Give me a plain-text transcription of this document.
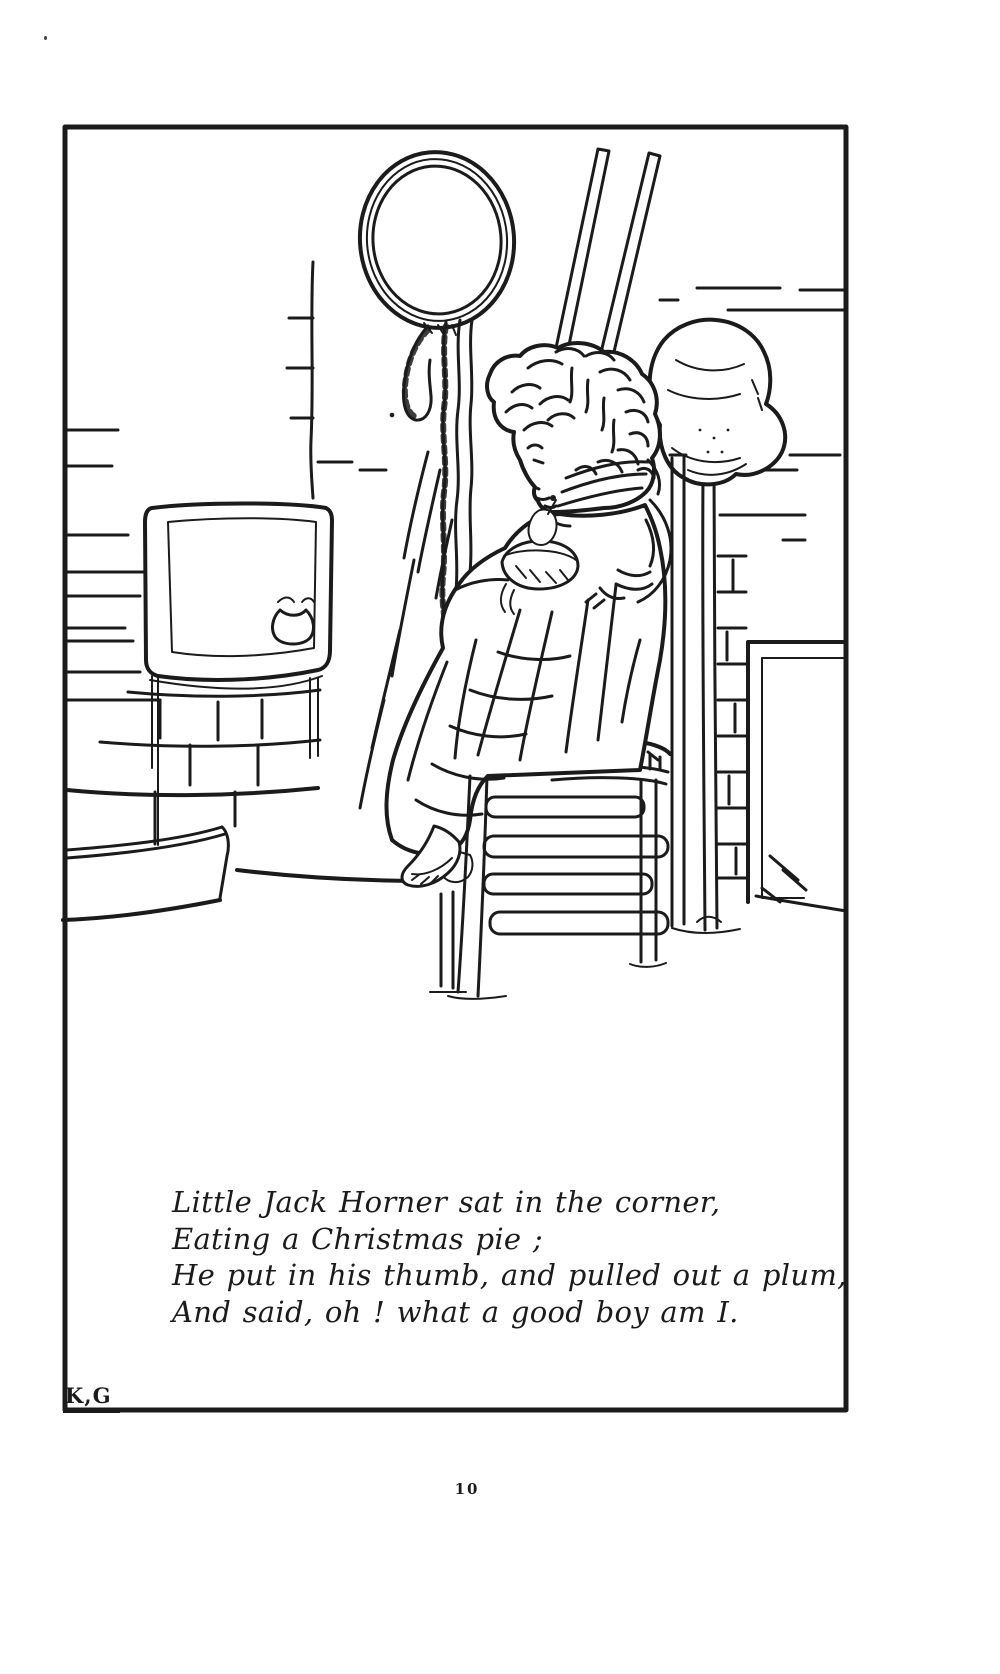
Little Jack Horner sat in the corner,
Eating a Christmas pie ;
He put in his thumb, and pulled out a plum,
And said, oh ! what a good boy am I.
K,G
10
